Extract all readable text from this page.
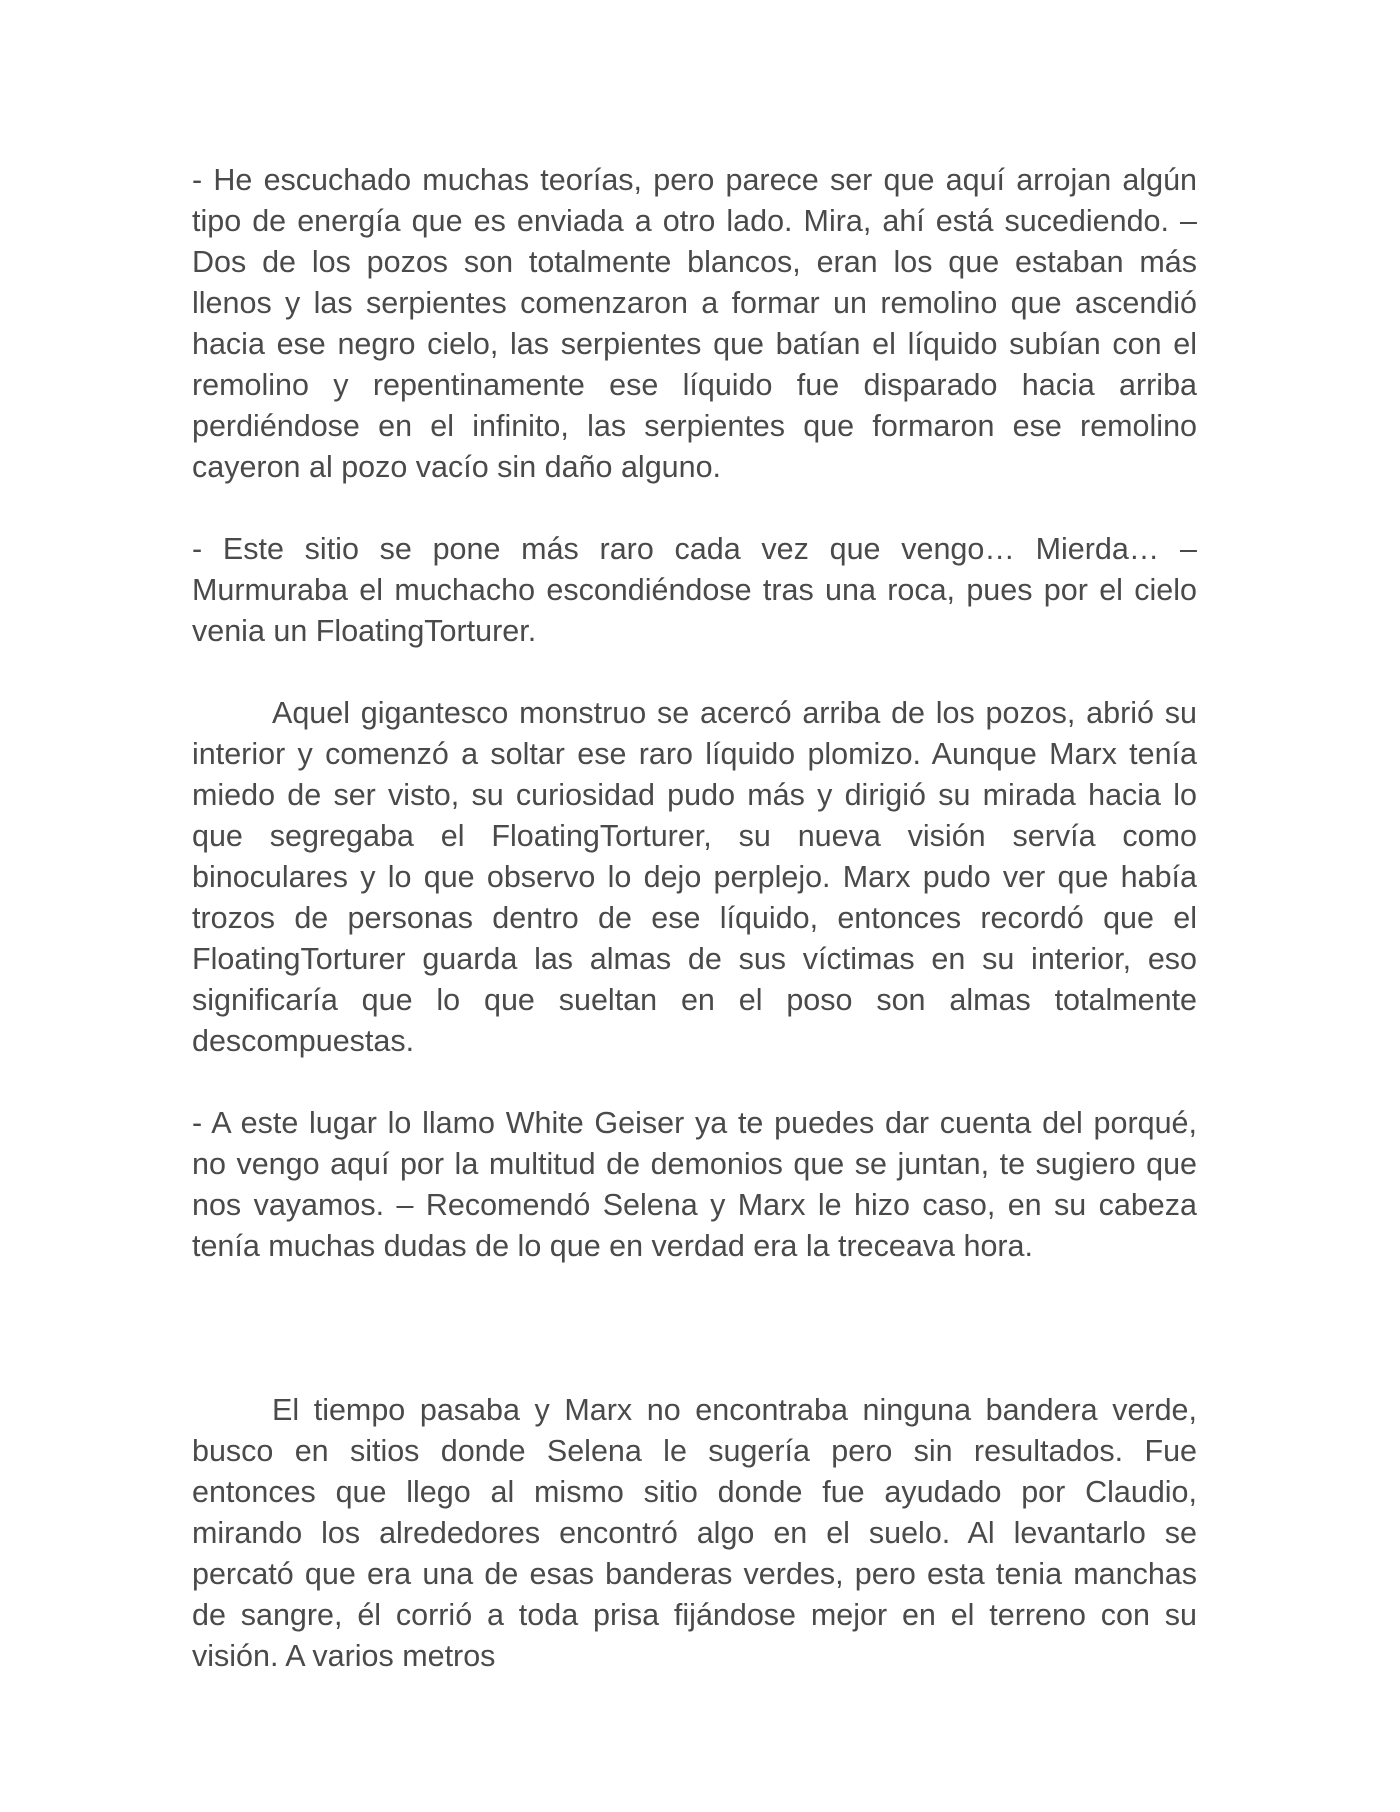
- He escuchado muchas teorías, pero parece ser que aquí arrojan algún tipo de energía que es enviada a otro lado. Mira, ahí está sucediendo. – Dos de los pozos son totalmente blancos, eran los que estaban más llenos y las serpientes comenzaron a formar un remolino que ascendió hacia ese negro cielo, las serpientes que batían el líquido subían con el remolino y repentinamente ese líquido fue disparado hacia arriba perdiéndose en el infinito, las serpientes que formaron ese remolino cayeron al pozo vacío sin daño alguno.

- Este sitio se pone más raro cada vez que vengo… Mierda… – Murmuraba el muchacho escondiéndose tras una roca, pues por el cielo venia un FloatingTorturer.

Aquel gigantesco monstruo se acercó arriba de los pozos, abrió su interior y comenzó a soltar ese raro líquido plomizo. Aunque Marx tenía miedo de ser visto, su curiosidad pudo más y dirigió su mirada hacia lo que segregaba el FloatingTorturer, su nueva visión servía como binoculares y lo que observo lo dejo perplejo. Marx pudo ver que había trozos de personas dentro de ese líquido, entonces recordó que el FloatingTorturer guarda las almas de sus víctimas en su interior, eso significaría que lo que sueltan en el poso son almas totalmente descompuestas.

- A este lugar lo llamo White Geiser ya te puedes dar cuenta del porqué, no vengo aquí por la multitud de demonios que se juntan, te sugiero que nos vayamos. – Recomendó Selena y Marx le hizo caso, en su cabeza tenía muchas dudas de lo que en verdad era la treceava hora.

El tiempo pasaba y Marx no encontraba ninguna bandera verde, busco en sitios donde Selena le sugería pero sin resultados. Fue entonces que llego al mismo sitio donde fue ayudado por Claudio, mirando los alrededores encontró algo en el suelo. Al levantarlo se percató que era una de esas banderas verdes, pero esta tenia manchas de sangre, él corrió a toda prisa fijándose mejor en el terreno con su visión. A varios metros
